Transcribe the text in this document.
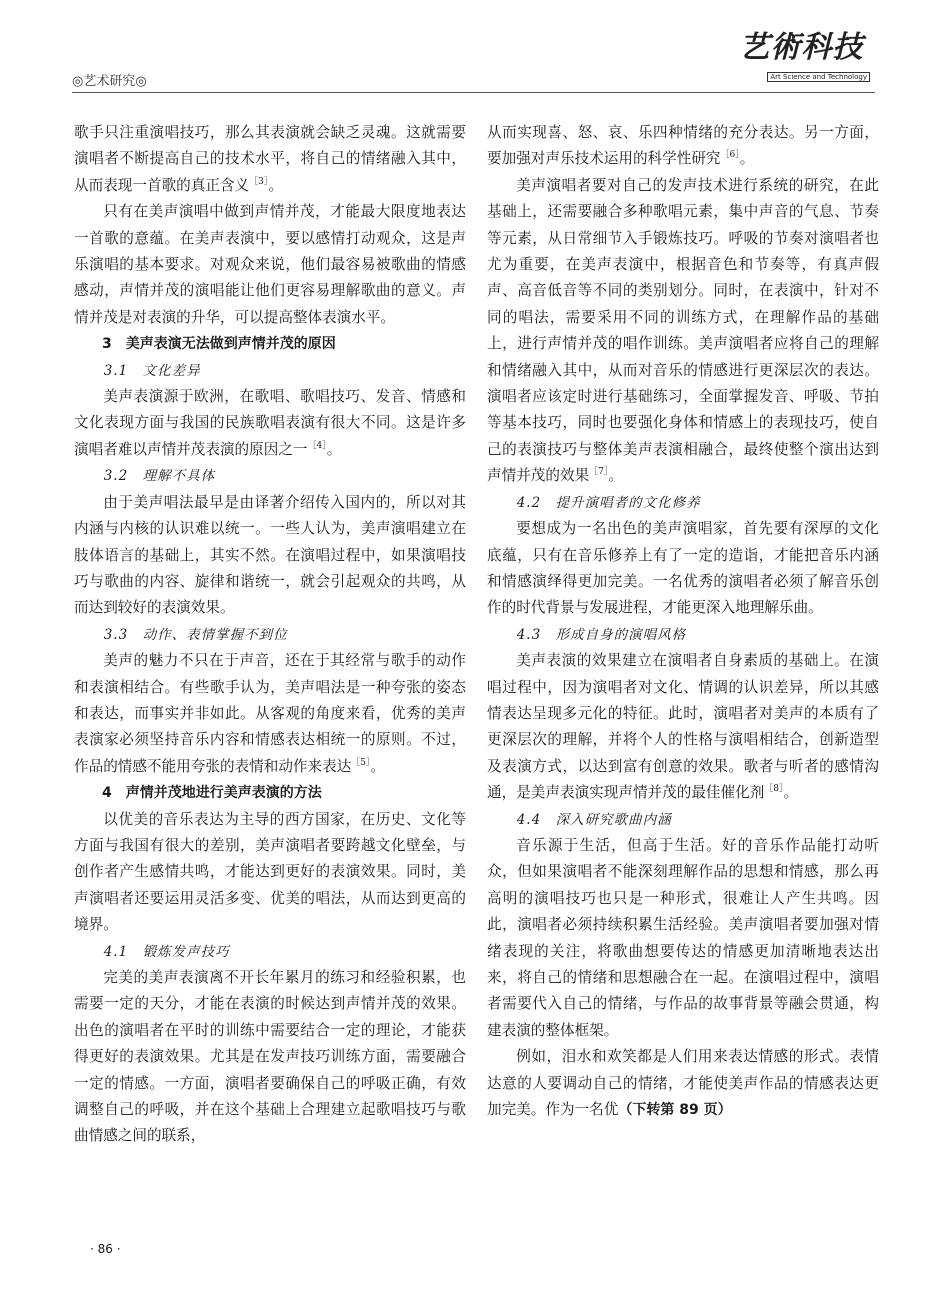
◎艺术研究◎
艺術科技
Art Science and Technology

歌手只注重演唱技巧，那么其表演就会缺乏灵魂。这就需要演唱者不断提高自己的技术水平，将自己的情绪融入其中，从而表现一首歌的真正含义$^{[3]}$。

只有在美声演唱中做到声情并茂，才能最大限度地表达一首歌的意蕴。在美声表演中，要以感情打动观众，这是声乐演唱的基本要求。对观众来说，他们最容易被歌曲的情感感动，声情并茂的演唱能让他们更容易理解歌曲的意义。声情并茂是对表演的升华，可以提高整体表演水平。

3　美声表演无法做到声情并茂的原因
3.1　文化差异

美声表演源于欧洲，在歌唱、歌唱技巧、发音、情感和文化表现方面与我国的民族歌唱表演有很大不同。这是许多演唱者难以声情并茂表演的原因之一$^{[4]}$。

3.2　理解不具体

由于美声唱法最早是由译著介绍传入国内的，所以对其内涵与内核的认识难以统一。一些人认为，美声演唱建立在肢体语言的基础上，其实不然。在演唱过程中，如果演唱技巧与歌曲的内容、旋律和谐统一，就会引起观众的共鸣，从而达到较好的表演效果。

3.3　动作、表情掌握不到位

美声的魅力不只在于声音，还在于其经常与歌手的动作和表演相结合。有些歌手认为，美声唱法是一种夸张的姿态和表达，而事实并非如此。从客观的角度来看，优秀的美声表演家必须坚持音乐内容和情感表达相统一的原则。不过，作品的情感不能用夸张的表情和动作来表达$^{[5]}$。

4　声情并茂地进行美声表演的方法

以优美的音乐表达为主导的西方国家，在历史、文化等方面与我国有很大的差别，美声演唱者要跨越文化壁垒，与创作者产生感情共鸣，才能达到更好的表演效果。同时，美声演唱者还要运用灵活多变、优美的唱法，从而达到更高的境界。

4.1　锻炼发声技巧

完美的美声表演离不开长年累月的练习和经验积累，也需要一定的天分，才能在表演的时候达到声情并茂的效果。出色的演唱者在平时的训练中需要结合一定的理论，才能获得更好的表演效果。尤其是在发声技巧训练方面，需要融合一定的情感。一方面，演唱者要确保自己的呼吸正确，有效调整自己的呼吸，并在这个基础上合理建立起歌唱技巧与歌曲情感之间的联系，

从而实现喜、怒、哀、乐四种情绪的充分表达。另一方面，要加强对声乐技术运用的科学性研究$^{[6]}$。

美声演唱者要对自己的发声技术进行系统的研究，在此基础上，还需要融合多种歌唱元素，集中声音的气息、节奏等元素，从日常细节入手锻炼技巧。呼吸的节奏对演唱者也尤为重要，在美声表演中，根据音色和节奏等，有真声假声、高音低音等不同的类别划分。同时，在表演中，针对不同的唱法，需要采用不同的训练方式，在理解作品的基础上，进行声情并茂的唱作训练。美声演唱者应将自己的理解和情绪融入其中，从而对音乐的情感进行更深层次的表达。演唱者应该定时进行基础练习，全面掌握发音、呼吸、节拍等基本技巧，同时也要强化身体和情感上的表现技巧，使自己的表演技巧与整体美声表演相融合，最终使整个演出达到声情并茂的效果$^{[7]}$。

4.2　提升演唱者的文化修养

要想成为一名出色的美声演唱家，首先要有深厚的文化底蕴，只有在音乐修养上有了一定的造诣，才能把音乐内涵和情感演绎得更加完美。一名优秀的演唱者必须了解音乐创作的时代背景与发展进程，才能更深入地理解乐曲。

4.3　形成自身的演唱风格

美声表演的效果建立在演唱者自身素质的基础上。在演唱过程中，因为演唱者对文化、情调的认识差异，所以其感情表达呈现多元化的特征。此时，演唱者对美声的本质有了更深层次的理解，并将个人的性格与演唱相结合，创新造型及表演方式，以达到富有创意的效果。歌者与听者的感情沟通，是美声表演实现声情并茂的最佳催化剂$^{[8]}$。

4.4　深入研究歌曲内涵

音乐源于生活，但高于生活。好的音乐作品能打动听众，但如果演唱者不能深刻理解作品的思想和情感，那么再高明的演唱技巧也只是一种形式，很难让人产生共鸣。因此，演唱者必须持续积累生活经验。美声演唱者要加强对情绪表现的关注，将歌曲想要传达的情感更加清晰地表达出来，将自己的情绪和思想融合在一起。在演唱过程中，演唱者需要代入自己的情绪，与作品的故事背景等融会贯通，构建表演的整体框架。

例如，泪水和欢笑都是人们用来表达情感的形式。表情达意的人要调动自己的情绪，才能使美声作品的情感表达更加完美。作为一名优（下转第 89 页）

· 86 ·
